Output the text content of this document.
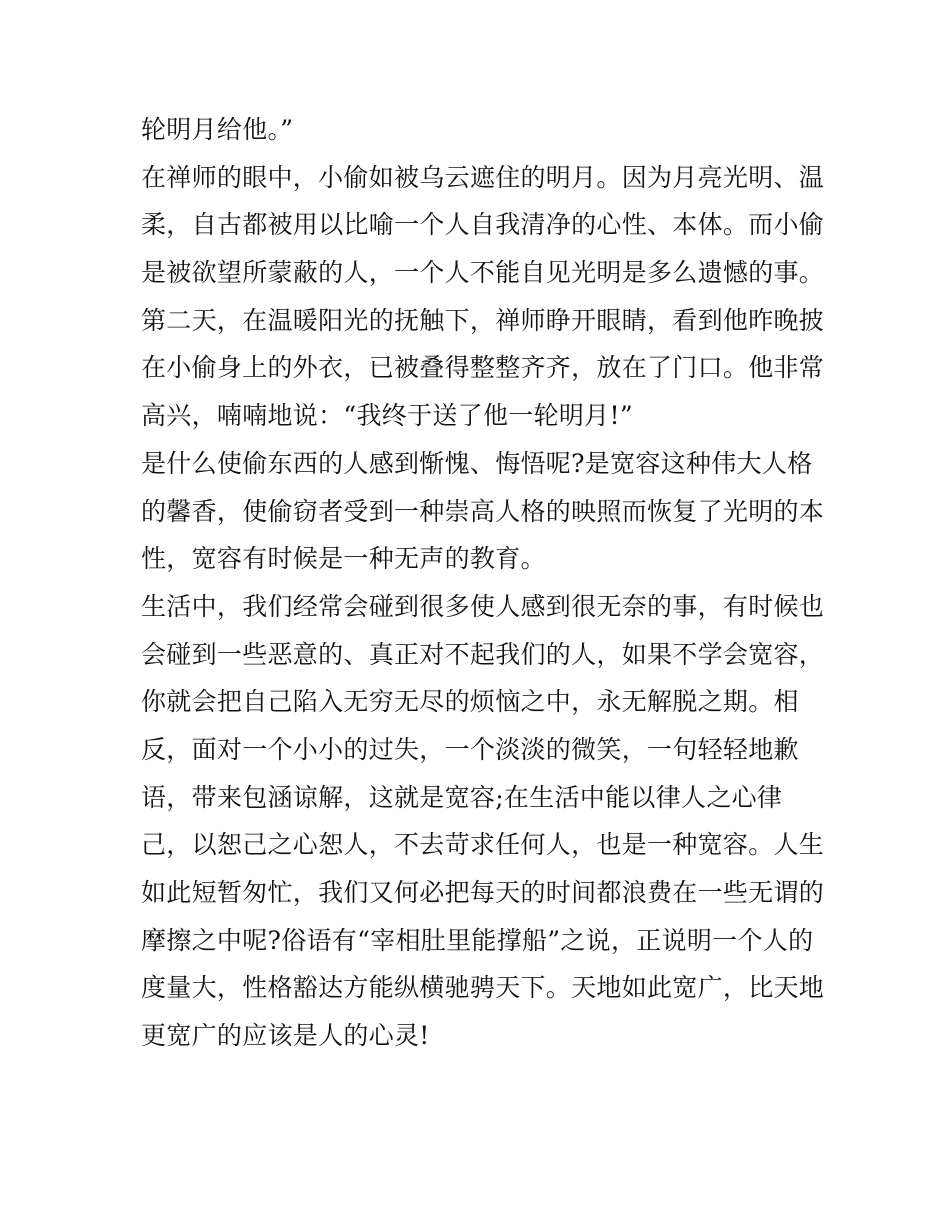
轮明月给他。”
在禅师的眼中，小偷如被乌云遮住的明月。因为月亮光明、温
柔，自古都被用以比喻一个人自我清净的心性、本体。而小偷
是被欲望所蒙蔽的人，一个人不能自见光明是多么遗憾的事。
第二天，在温暖阳光的抚触下，禅师睁开眼睛，看到他昨晚披
在小偷身上的外衣，已被叠得整整齐齐，放在了门口。他非常
高兴，喃喃地说：“我终于送了他一轮明月!”
是什么使偷东西的人感到惭愧、悔悟呢?是宽容这种伟大人格
的馨香，使偷窃者受到一种崇高人格的映照而恢复了光明的本
性，宽容有时候是一种无声的教育。
生活中，我们经常会碰到很多使人感到很无奈的事，有时候也
会碰到一些恶意的、真正对不起我们的人，如果不学会宽容，
你就会把自己陷入无穷无尽的烦恼之中，永无解脱之期。相
反，面对一个小小的过失，一个淡淡的微笑，一句轻轻地歉
语，带来包涵谅解，这就是宽容;在生活中能以律人之心律
己，以恕己之心恕人，不去苛求任何人，也是一种宽容。人生
如此短暂匆忙，我们又何必把每天的时间都浪费在一些无谓的
摩擦之中呢?俗语有“宰相肚里能撑船”之说，正说明一个人的
度量大，性格豁达方能纵横驰骋天下。天地如此宽广，比天地
更宽广的应该是人的心灵!
